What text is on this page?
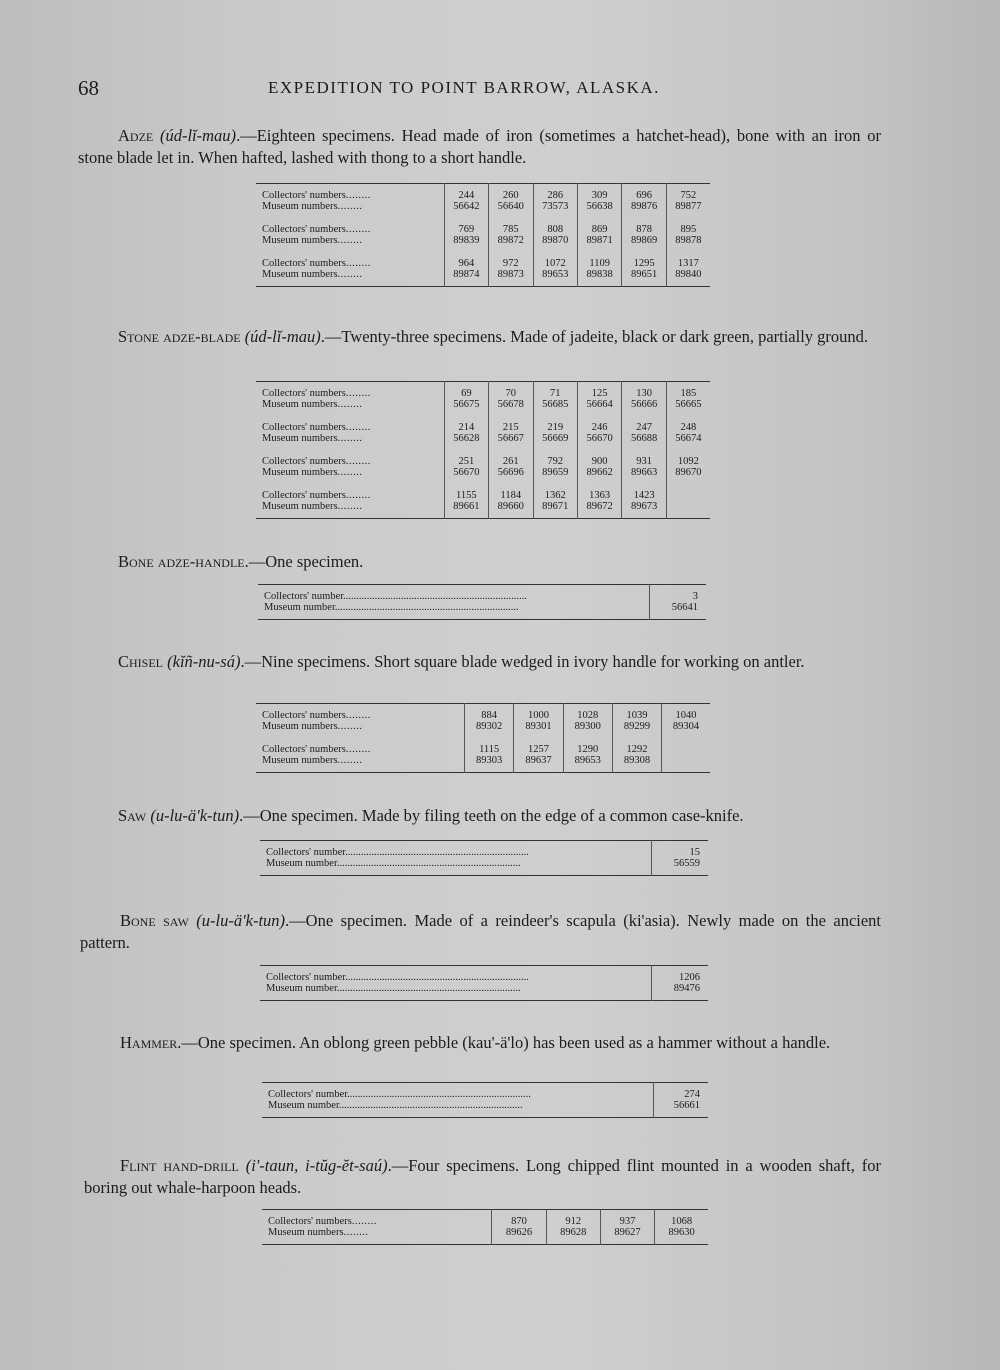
68	EXPEDITION TO POINT BARROW, ALASKA.
Adze (úd-lĭ-mau).—Eighteen specimens. Head made of iron (sometimes a hatchet-head), bone with an iron or stone blade let in. When hafted, lashed with thong to a short handle.
Collectors' numbers........	244	260	286	309	696	752
Museum numbers........	56642	56640	73573	56638	89876	89877
Collectors' numbers........	769	785	808	869	878	895
Museum numbers........	89839	89872	89870	89871	89869	89878
Collectors' numbers........	964	972	1072	1109	1295	1317
Museum numbers........	89874	89873	89653	89838	89651	89840
Stone adze-blade (úd-lĭ-mau).—Twenty-three specimens. Made of jadeite, black or dark green, partially ground.
Collectors' numbers........	69	70	71	125	130	185
Museum numbers........	56675	56678	56685	56664	56666	56665
Collectors' numbers........	214	215	219	246	247	248
Museum numbers........	56628	56667	56669	56670	56688	56674
Collectors' numbers........	251	261	792	900	931	1092
Museum numbers........	56670	56696	89659	89662	89663	89670
Collectors' numbers........	1155	1184	1362	1363	1423	
Museum numbers........	89661	89660	89671	89672	89673	
Bone adze-handle.—One specimen.
Collectors' number......................................................................	3
Museum number......................................................................	56641
Chisel (kĭñ-nu-sá).—Nine specimens. Short square blade wedged in ivory handle for working on antler.
Collectors' numbers........	884	1000	1028	1039	1040
Museum numbers........	89302	89301	89300	89299	89304
Collectors' numbers........	1115	1257	1290	1292	
Museum numbers........	89303	89637	89653	89308	
Saw (u-lu-ä'k-tun).—One specimen. Made by filing teeth on the edge of a common case-knife.
Collectors' number......................................................................	15
Museum number......................................................................	56559
Bone saw (u-lu-ä'k-tun).—One specimen. Made of a reindeer's scapula (ki'asia). Newly made on the ancient pattern.
Collectors' number......................................................................	1206
Museum number......................................................................	89476
Hammer.—One specimen. An oblong green pebble (kau'-ä'lo) has been used as a hammer without a handle.
Collectors' number......................................................................	274
Museum number......................................................................	56661
Flint hand-drill (i'-taun, i-tŭg-ĕt-saú).—Four specimens. Long chipped flint mounted in a wooden shaft, for boring out whale-harpoon heads.
Collectors' numbers........	870	912	937	1068
Museum numbers........	89626	89628	89627	89630
